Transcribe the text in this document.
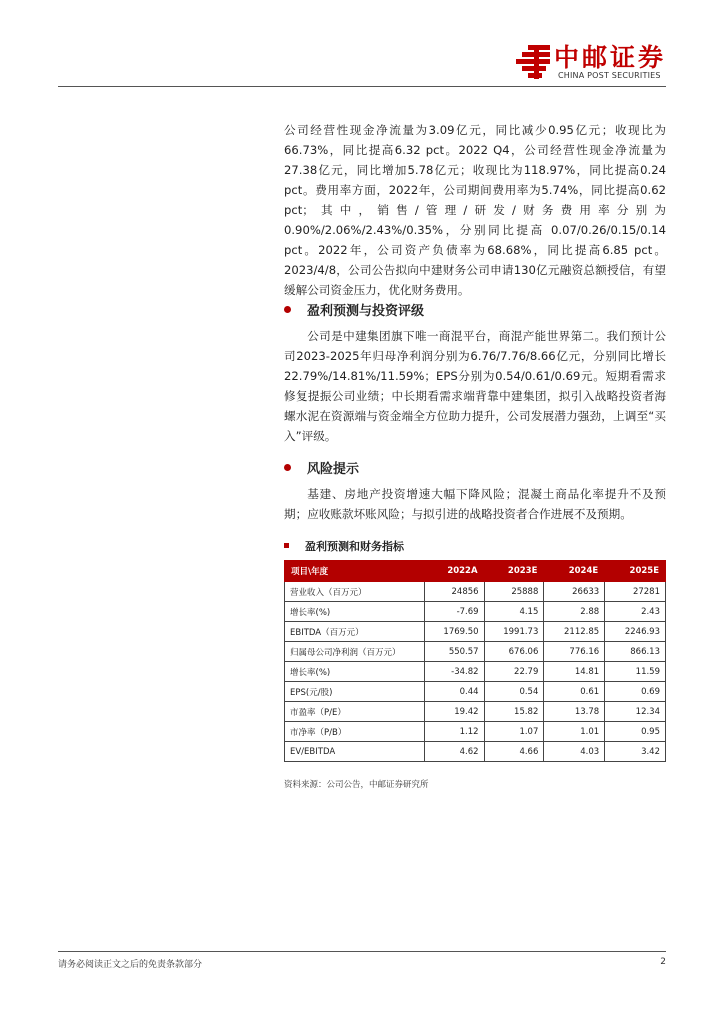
中邮证券
CHINA POST SECURITIES
公司经营性现金净流量为3.09亿元，同比减少0.95亿元；收现比为66.73%，同比提高6.32 pct。2022 Q4，公司经营性现金净流量为27.38亿元，同比增加5.78亿元；收现比为118.97%，同比提高0.24 pct。费用率方面，2022年，公司期间费用率为5.74%，同比提高0.62 pct；其中，销售/管理/研发/财务费用率分别为 0.90%/2.06%/2.43%/0.35%，分别同比提高 0.07/0.26/0.15/0.14 pct。2022年，公司资产负债率为68.68%，同比提高6.85 pct。2023/4/8，公司公告拟向中建财务公司申请130亿元融资总额授信，有望缓解公司资金压力，优化财务费用。
盈利预测与投资评级
公司是中建集团旗下唯一商混平台，商混产能世界第二。我们预计公司2023-2025年归母净利润分别为6.76/7.76/8.66亿元，分别同比增长22.79%/14.81%/11.59%；EPS分别为0.54/0.61/0.69元。短期看需求修复提振公司业绩；中长期看需求端背靠中建集团，拟引入战略投资者海螺水泥在资源端与资金端全方位助力提升，公司发展潜力强劲，上调至“买入”评级。
风险提示
基建、房地产投资增速大幅下降风险；混凝土商品化率提升不及预期；应收账款坏账风险；与拟引进的战略投资者合作进展不及预期。
盈利预测和财务指标
项目\年度	2022A	2023E	2024E	2025E
营业收入（百万元）	24856	25888	26633	27281
增长率(%)	-7.69	4.15	2.88	2.43
EBITDA（百万元）	1769.50	1991.73	2112.85	2246.93
归属母公司净利润（百万元）	550.57	676.06	776.16	866.13
增长率(%)	-34.82	22.79	14.81	11.59
EPS(元/股)	0.44	0.54	0.61	0.69
市盈率（P/E）	19.42	15.82	13.78	12.34
市净率（P/B）	1.12	1.07	1.01	0.95
EV/EBITDA	4.62	4.66	4.03	3.42
资料来源：公司公告，中邮证券研究所
请务必阅读正文之后的免责条款部分	2
